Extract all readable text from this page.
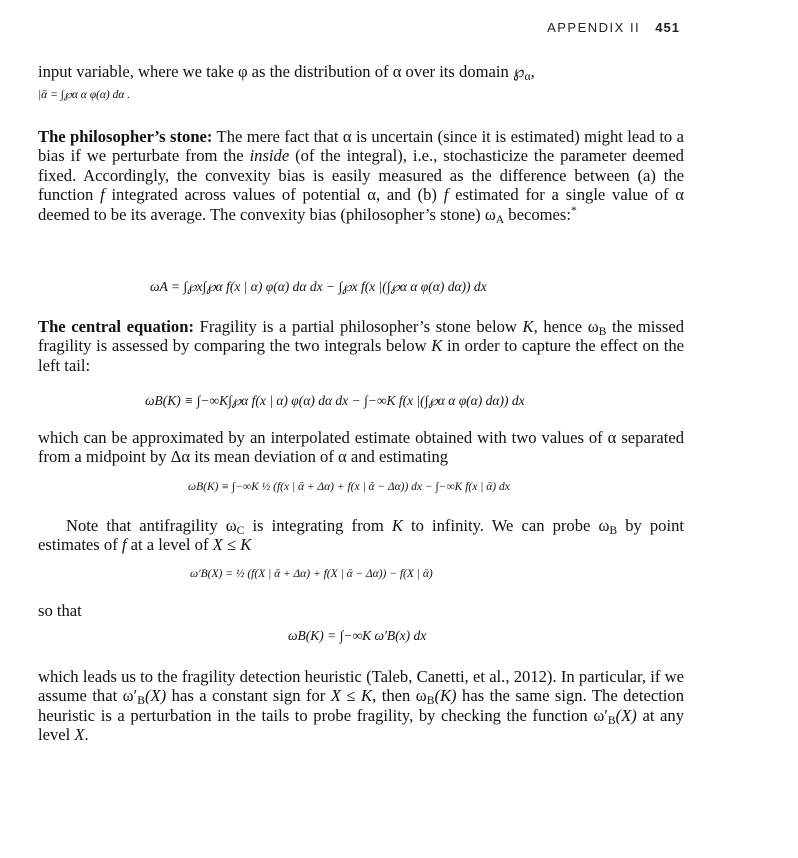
APPENDIX II 451
input variable, where we take φ as the distribution of α over its domain $℘_\alpha$,
|ᾱ = ∫℘α α φ(α) dα .
The philosopher’s stone: The mere fact that α is uncertain (since it is estimated) might lead to a bias if we perturbate from the inside (of the integral), i.e., stochasticize the parameter deemed fixed. Accordingly, the convexity bias is easily measured as the difference between (a) the function f integrated across values of potential α, and (b) f estimated for a single value of α deemed to be its average. The convexity bias (philosopher’s stone) $\omega_A$ becomes:*
ωA = ∫℘x∫℘α f(x | α) φ(α) dα dx − ∫℘x f(x |(∫℘α α φ(α) dα)) dx
The central equation: Fragility is a partial philosopher’s stone below K, hence $\omega_B$ the missed fragility is assessed by comparing the two integrals below K in order to capture the effect on the left tail:
ωB(K) ≡ ∫−∞K∫℘α f(x | α) φ(α) dα dx − ∫−∞K f(x |(∫℘α α φ(α) dα)) dx
which can be approximated by an interpolated estimate obtained with two values of α separated from a midpoint by Δα its mean deviation of α and estimating
ωB(K) ≡ ∫−∞K ½ (f(x | ᾱ + Δα) + f(x | ᾱ − Δα)) dx − ∫−∞K f(x | ᾱ) dx
Note that antifragility $\omega_C$ is integrating from K to infinity. We can probe $\omega_B$ by point estimates of f at a level of X ≤ K
ω′B(X) = ½ (f(X | ᾱ + Δα) + f(X | ᾱ − Δα)) − f(X | ᾱ)
so that
ωB(K) = ∫−∞K ω′B(x) dx
which leads us to the fragility detection heuristic (Taleb, Canetti, et al., 2012). In particular, if we assume that $\omega'_B(X)$ has a constant sign for X ≤ K, then $\omega_B(K)$ has the same sign. The detection heuristic is a perturbation in the tails to probe fragility, by checking the function $\omega'_B(X)$ at any level X.
